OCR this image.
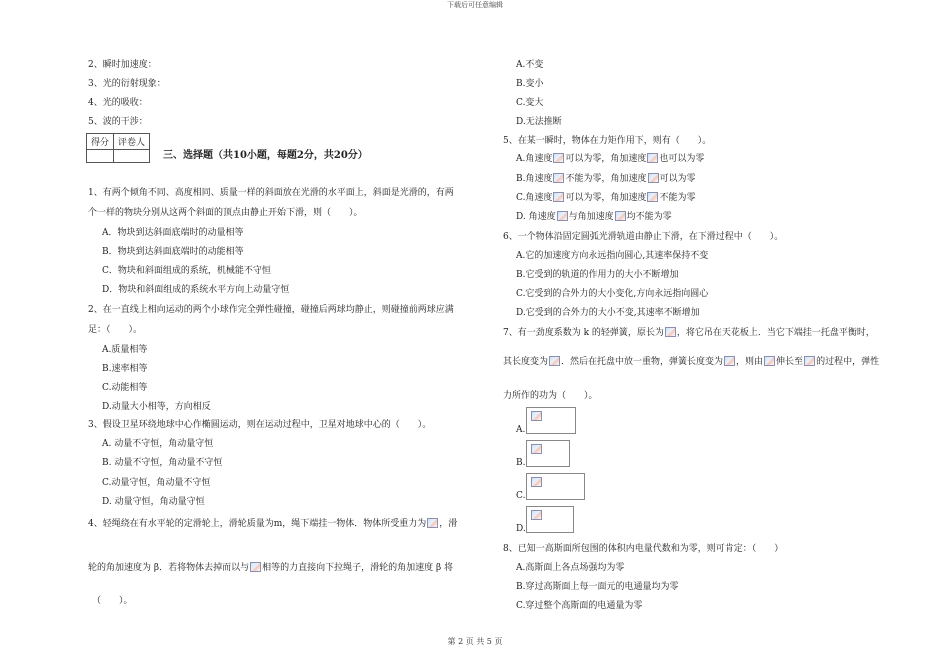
下载后可任意编辑
2、瞬时加速度：
3、光的衍射现象：
4、光的吸收：
5、波的干涉：
得分	评卷人

三、选择题（共10小题，每题2分，共20分）
1、有两个倾角不同、高度相同、质量一样的斜面放在光滑的水平面上，斜面是光滑的，有两
个一样的物块分别从这两个斜面的顶点由静止开始下滑，则（　　）。
A．物块到达斜面底端时的动量相等
B．物块到达斜面底端时的动能相等
C．物块和斜面组成的系统，机械能不守恒
D．物块和斜面组成的系统水平方向上动量守恒
2、在一直线上相向运动的两个小球作完全弹性碰撞，碰撞后两球均静止，则碰撞前两球应满
足：（　　）。
A.质量相等
B.速率相等
C.动能相等
D.动量大小相等，方向相反
3、假设卫星环绕地球中心作椭圆运动，则在运动过程中，卫星对地球中心的（　　）。
A. 动量不守恒，角动量守恒
B. 动量不守恒，角动量不守恒
C.动量守恒，角动量不守恒
D. 动量守恒，角动量守恒
4、轻绳绕在有水平轮的定滑轮上，滑轮质量为m，绳下端挂一物体．物体所受重力为 ，滑
轮的角加速度为 β．若将物体去掉而以与 相等的力直接向下拉绳子，滑轮的角加速度 β 将
（　　）。
A.不变
B.变小
C.变大
D.无法推断
5、在某一瞬时，物体在力矩作用下，则有（　　）。
A.角速度 可以为零，角加速度 也可以为零
B.角速度 不能为零，角加速度 可以为零
C.角速度 可以为零，角加速度 不能为零
D. 角速度 与角加速度 均不能为零
6、一个物体沿固定圆弧光滑轨道由静止下滑，在下滑过程中（　　）。
A.它的加速度方向永远指向圆心,其速率保持不变
B.它受到的轨道的作用力的大小不断增加
C.它受到的合外力的大小变化,方向永远指向圆心
D.它受到的合外力的大小不变,其速率不断增加
7、有一劲度系数为 k 的轻弹簧，原长为 ，将它吊在天花板上．当它下端挂一托盘平衡时，
其长度变为 ．然后在托盘中放一重物，弹簧长度变为 ，则由 伸长至 的过程中，弹性
力所作的功为（　　）。
A.
B.
C.
D.
8、已知一高斯面所包围的体积内电量代数和为零，则可肯定：（　　）
A.高斯面上各点场强均为零
B.穿过高斯面上每一面元的电通量均为零
C.穿过整个高斯面的电通量为零
第 2 页 共 5 页
